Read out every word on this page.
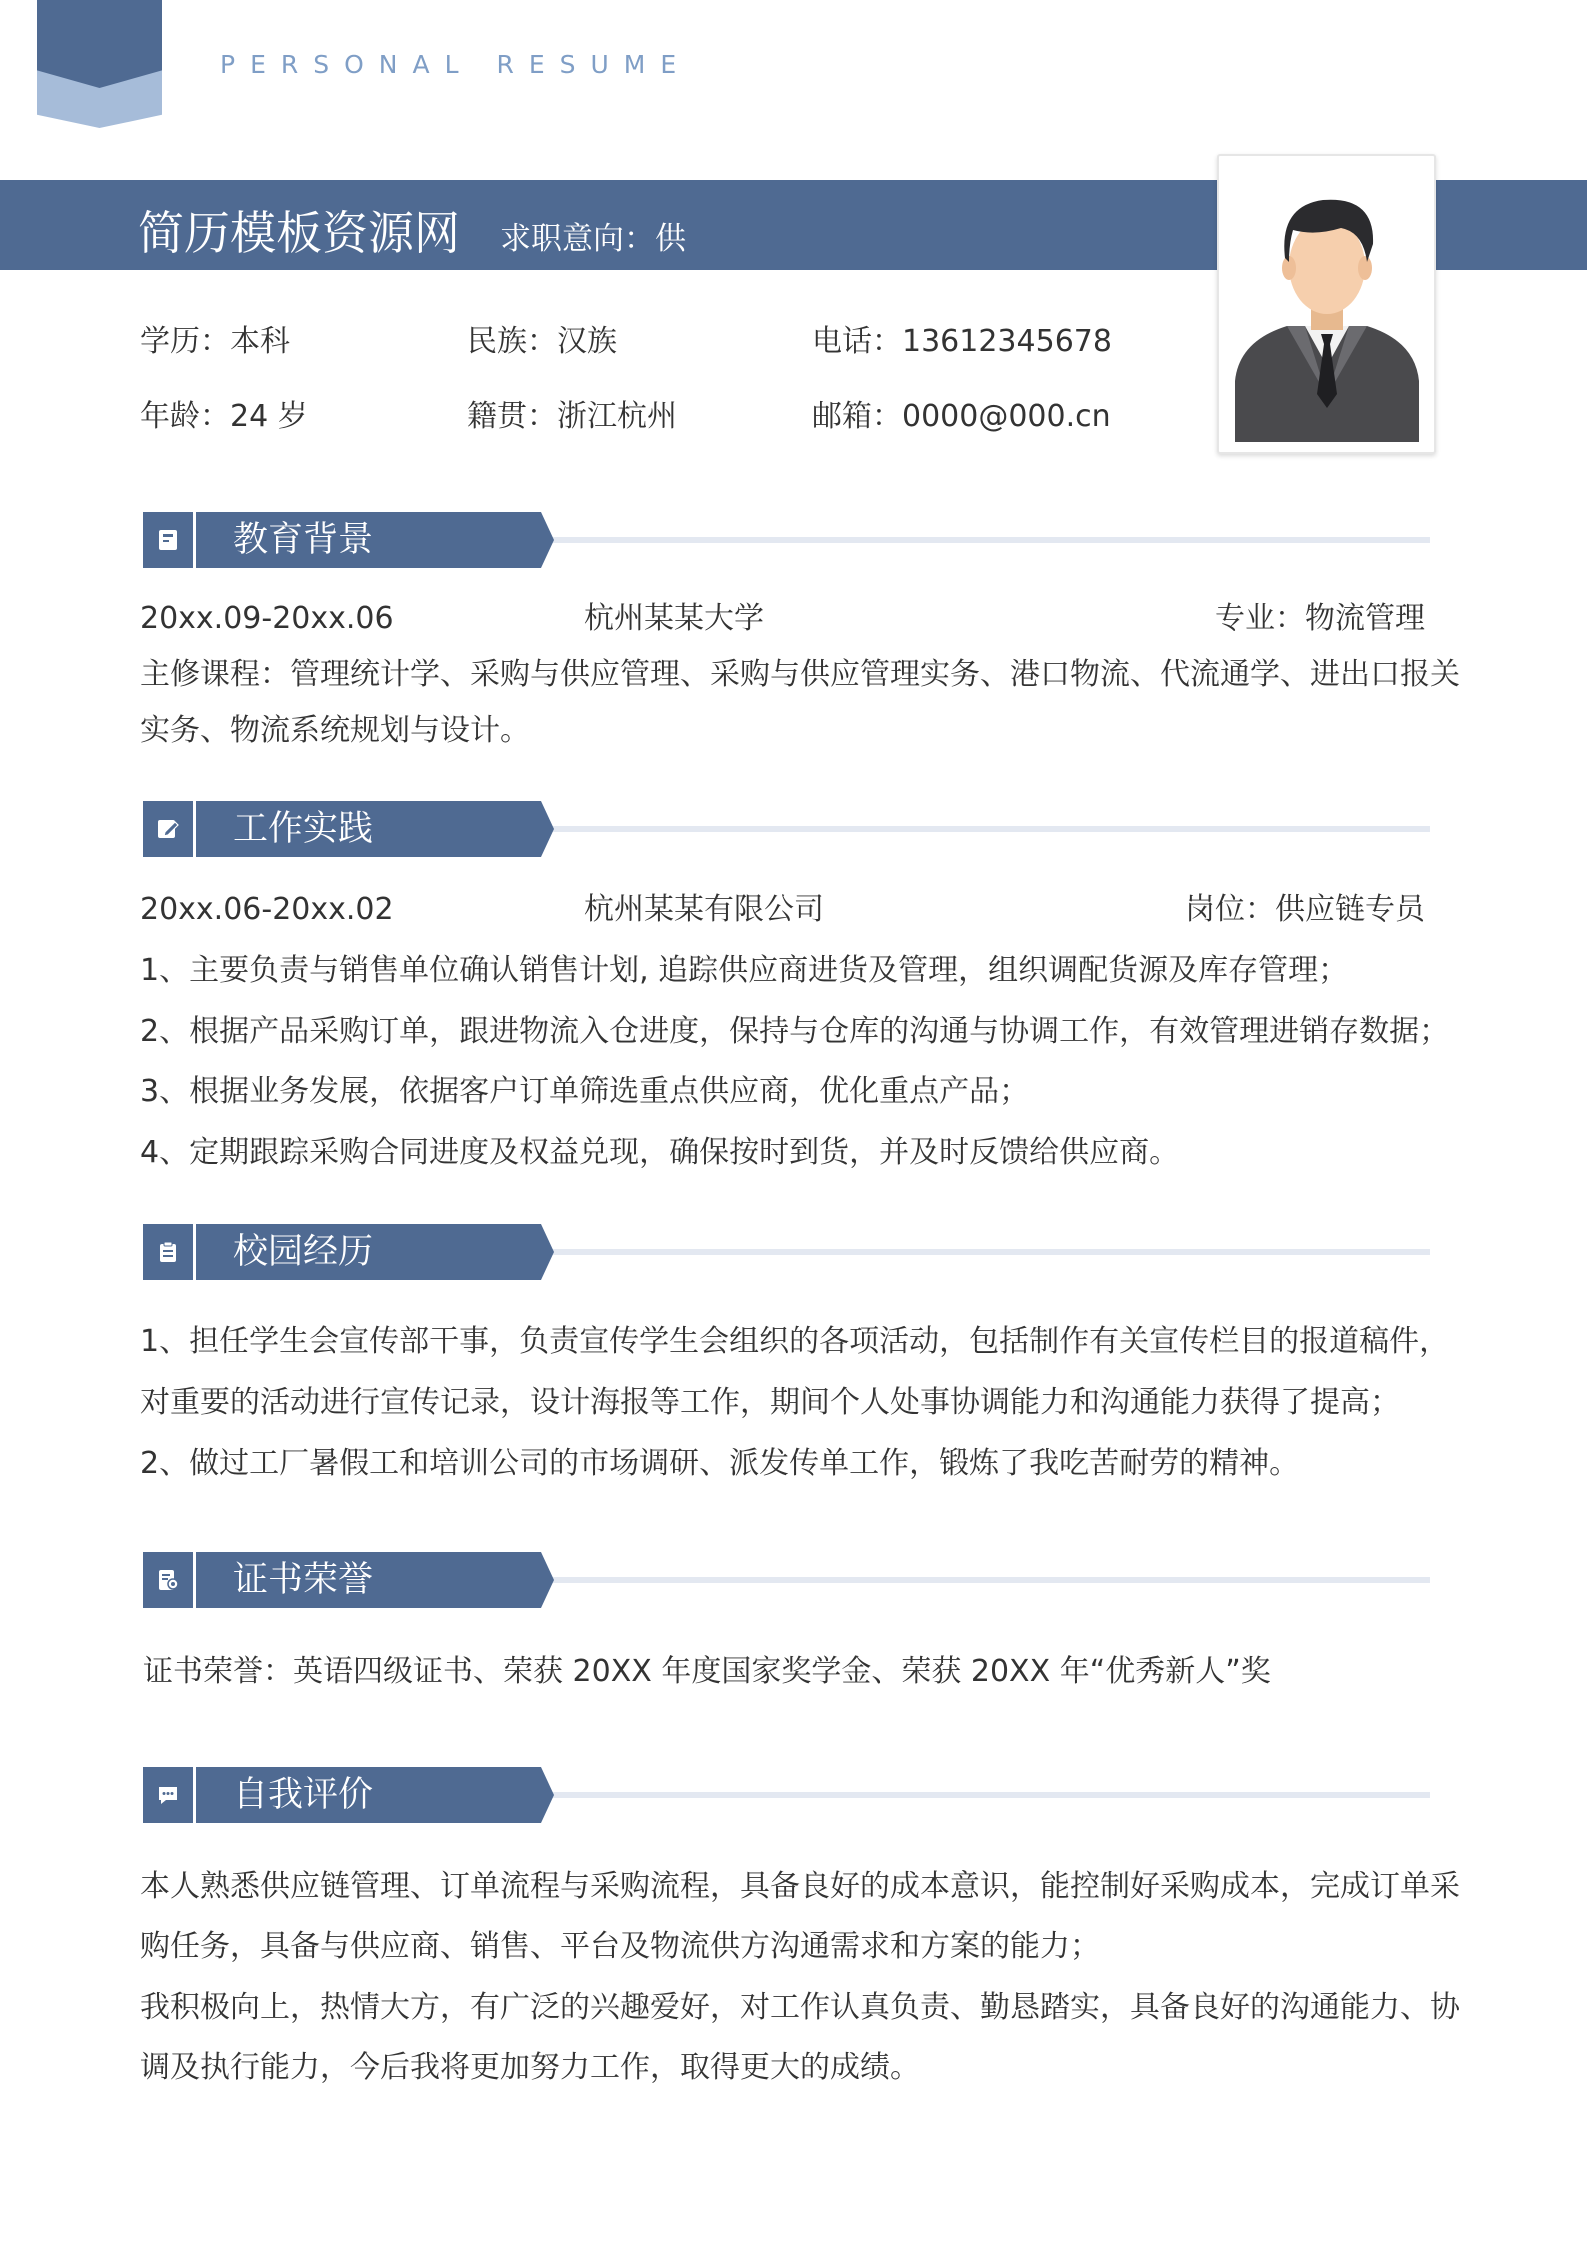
PERSONAL RESUME
简历模板资源网 求职意向：供
学历：本科	民族：汉族	电话：13612345678
年龄：24 岁	籍贯：浙江杭州	邮箱：0000@000.cn
教育背景
20xx.09-20xx.06	杭州某某大学	专业：物流管理
主修课程：管理统计学、采购与供应管理、采购与供应管理实务、港口物流、代流通学、进出口报关
实务、物流系统规划与设计。
工作实践
20xx.06-20xx.02	杭州某某有限公司	岗位：供应链专员
1、主要负责与销售单位确认销售计划, 追踪供应商进货及管理，组织调配货源及库存管理；
2、根据产品采购订单，跟进物流入仓进度，保持与仓库的沟通与协调工作，有效管理进销存数据；
3、根据业务发展，依据客户订单筛选重点供应商，优化重点产品；
4、定期跟踪采购合同进度及权益兑现，确保按时到货，并及时反馈给供应商。
校园经历
1、担任学生会宣传部干事，负责宣传学生会组织的各项活动，包括制作有关宣传栏目的报道稿件，
对重要的活动进行宣传记录，设计海报等工作，期间个人处事协调能力和沟通能力获得了提高；
2、做过工厂暑假工和培训公司的市场调研、派发传单工作，锻炼了我吃苦耐劳的精神。
证书荣誉
证书荣誉：英语四级证书、荣获 20XX 年度国家奖学金、荣获 20XX 年“优秀新人”奖
自我评价
本人熟悉供应链管理、订单流程与采购流程，具备良好的成本意识，能控制好采购成本，完成订单采
购任务，具备与供应商、销售、平台及物流供方沟通需求和方案的能力；
我积极向上，热情大方，有广泛的兴趣爱好，对工作认真负责、勤恳踏实，具备良好的沟通能力、协
调及执行能力，今后我将更加努力工作，取得更大的成绩。
